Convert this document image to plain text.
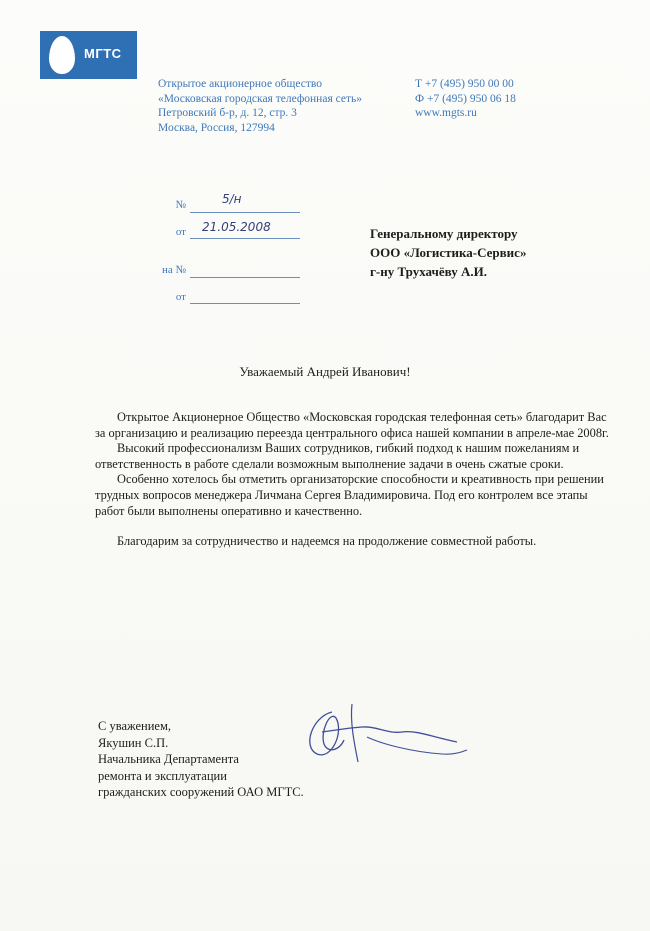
МГТС
Открытое акционерное общество
«Московская городская телефонная сеть»
Петровский б-р, д. 12, стр. 3
Москва, Россия, 127994
Т +7 (495) 950 00 00
Ф +7 (495) 950 06 18
www.mgts.ru
№	5/н
от 21.05.2008
на №
от
Генеральному директору
ООО «Логистика-Сервис»
г-ну Трухачёву А.И.
Уважаемый Андрей Иванович!

Открытое Акционерное Общество «Московская городская телефонная сеть» благодарит Вас за организацию и реализацию переезда центрального офиса нашей компании в апреле-мае 2008г.

Высокий профессионализм Ваших сотрудников, гибкий подход к нашим пожеланиям и ответственность в работе сделали возможным выполнение задачи в очень сжатые сроки.

Особенно хотелось бы отметить организаторские способности и креативность при решении трудных вопросов менеджера Личмана Сергея Владимировича. Под его контролем все этапы работ были выполнены оперативно и качественно.

Благодарим за сотрудничество и надеемся на продолжение совместной работы.

С уважением,
Якушин С.П.
Начальника Департамента
ремонта и эксплуатации
гражданских сооружений ОАО МГТС.
